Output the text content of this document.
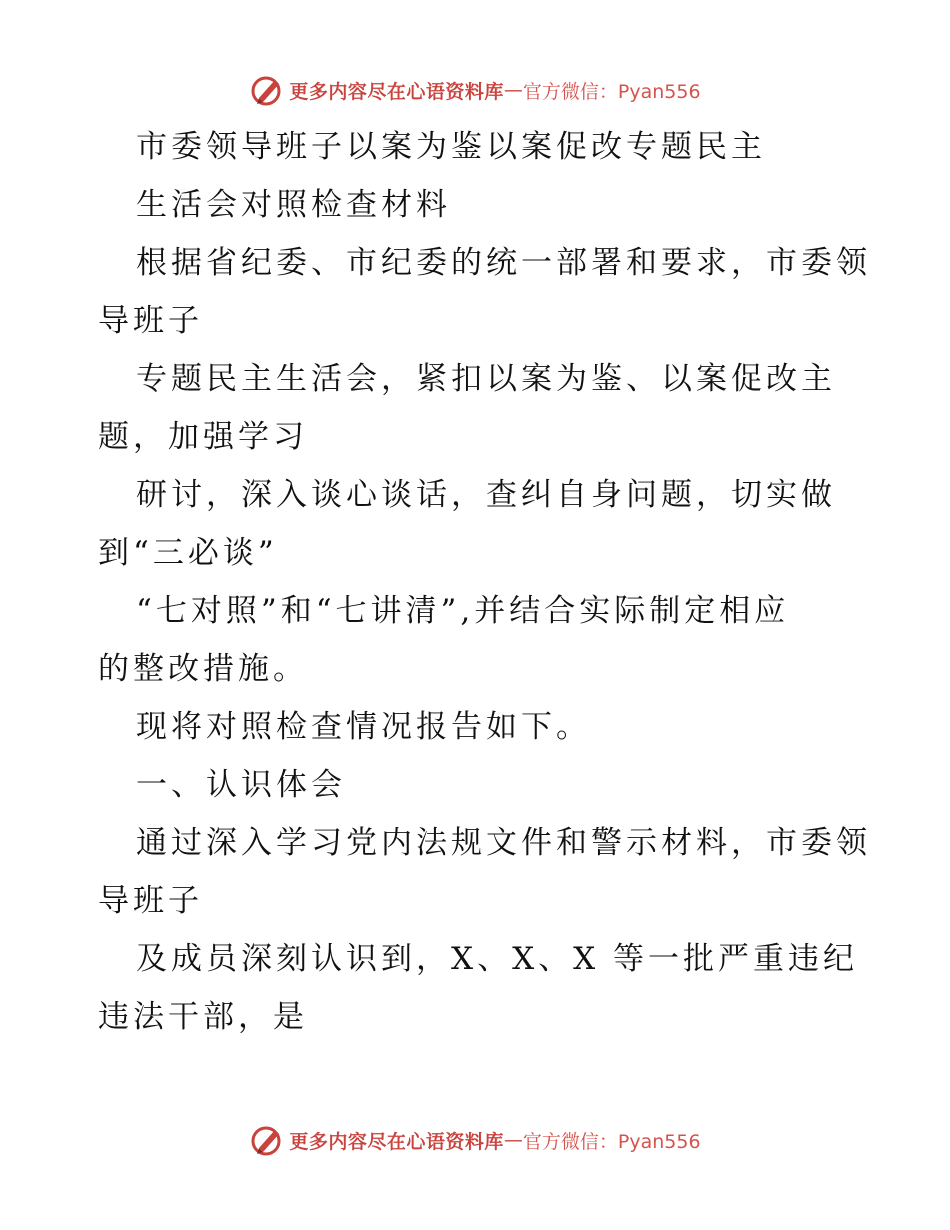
更多内容尽在心语资料库 — 官方微信：Pyan556
市委领导班子以案为鉴以案促改专题民主
生活会对照检查材料
根据省纪委、市纪委的统一部署和要求，市委领
导班子
专题民主生活会，紧扣以案为鉴、以案促改主
题，加强学习
研讨，深入谈心谈话，查纠自身问题，切实做
到“三必谈”
“七对照”和“七讲清”,并结合实际制定相应
的整改措施。
现将对照检查情况报告如下。
一、认识体会
通过深入学习党内法规文件和警示材料，市委领
导班子
及成员深刻认识到，X、X、X 等一批严重违纪
违法干部，是
更多内容尽在心语资料库 — 官方微信：Pyan556
